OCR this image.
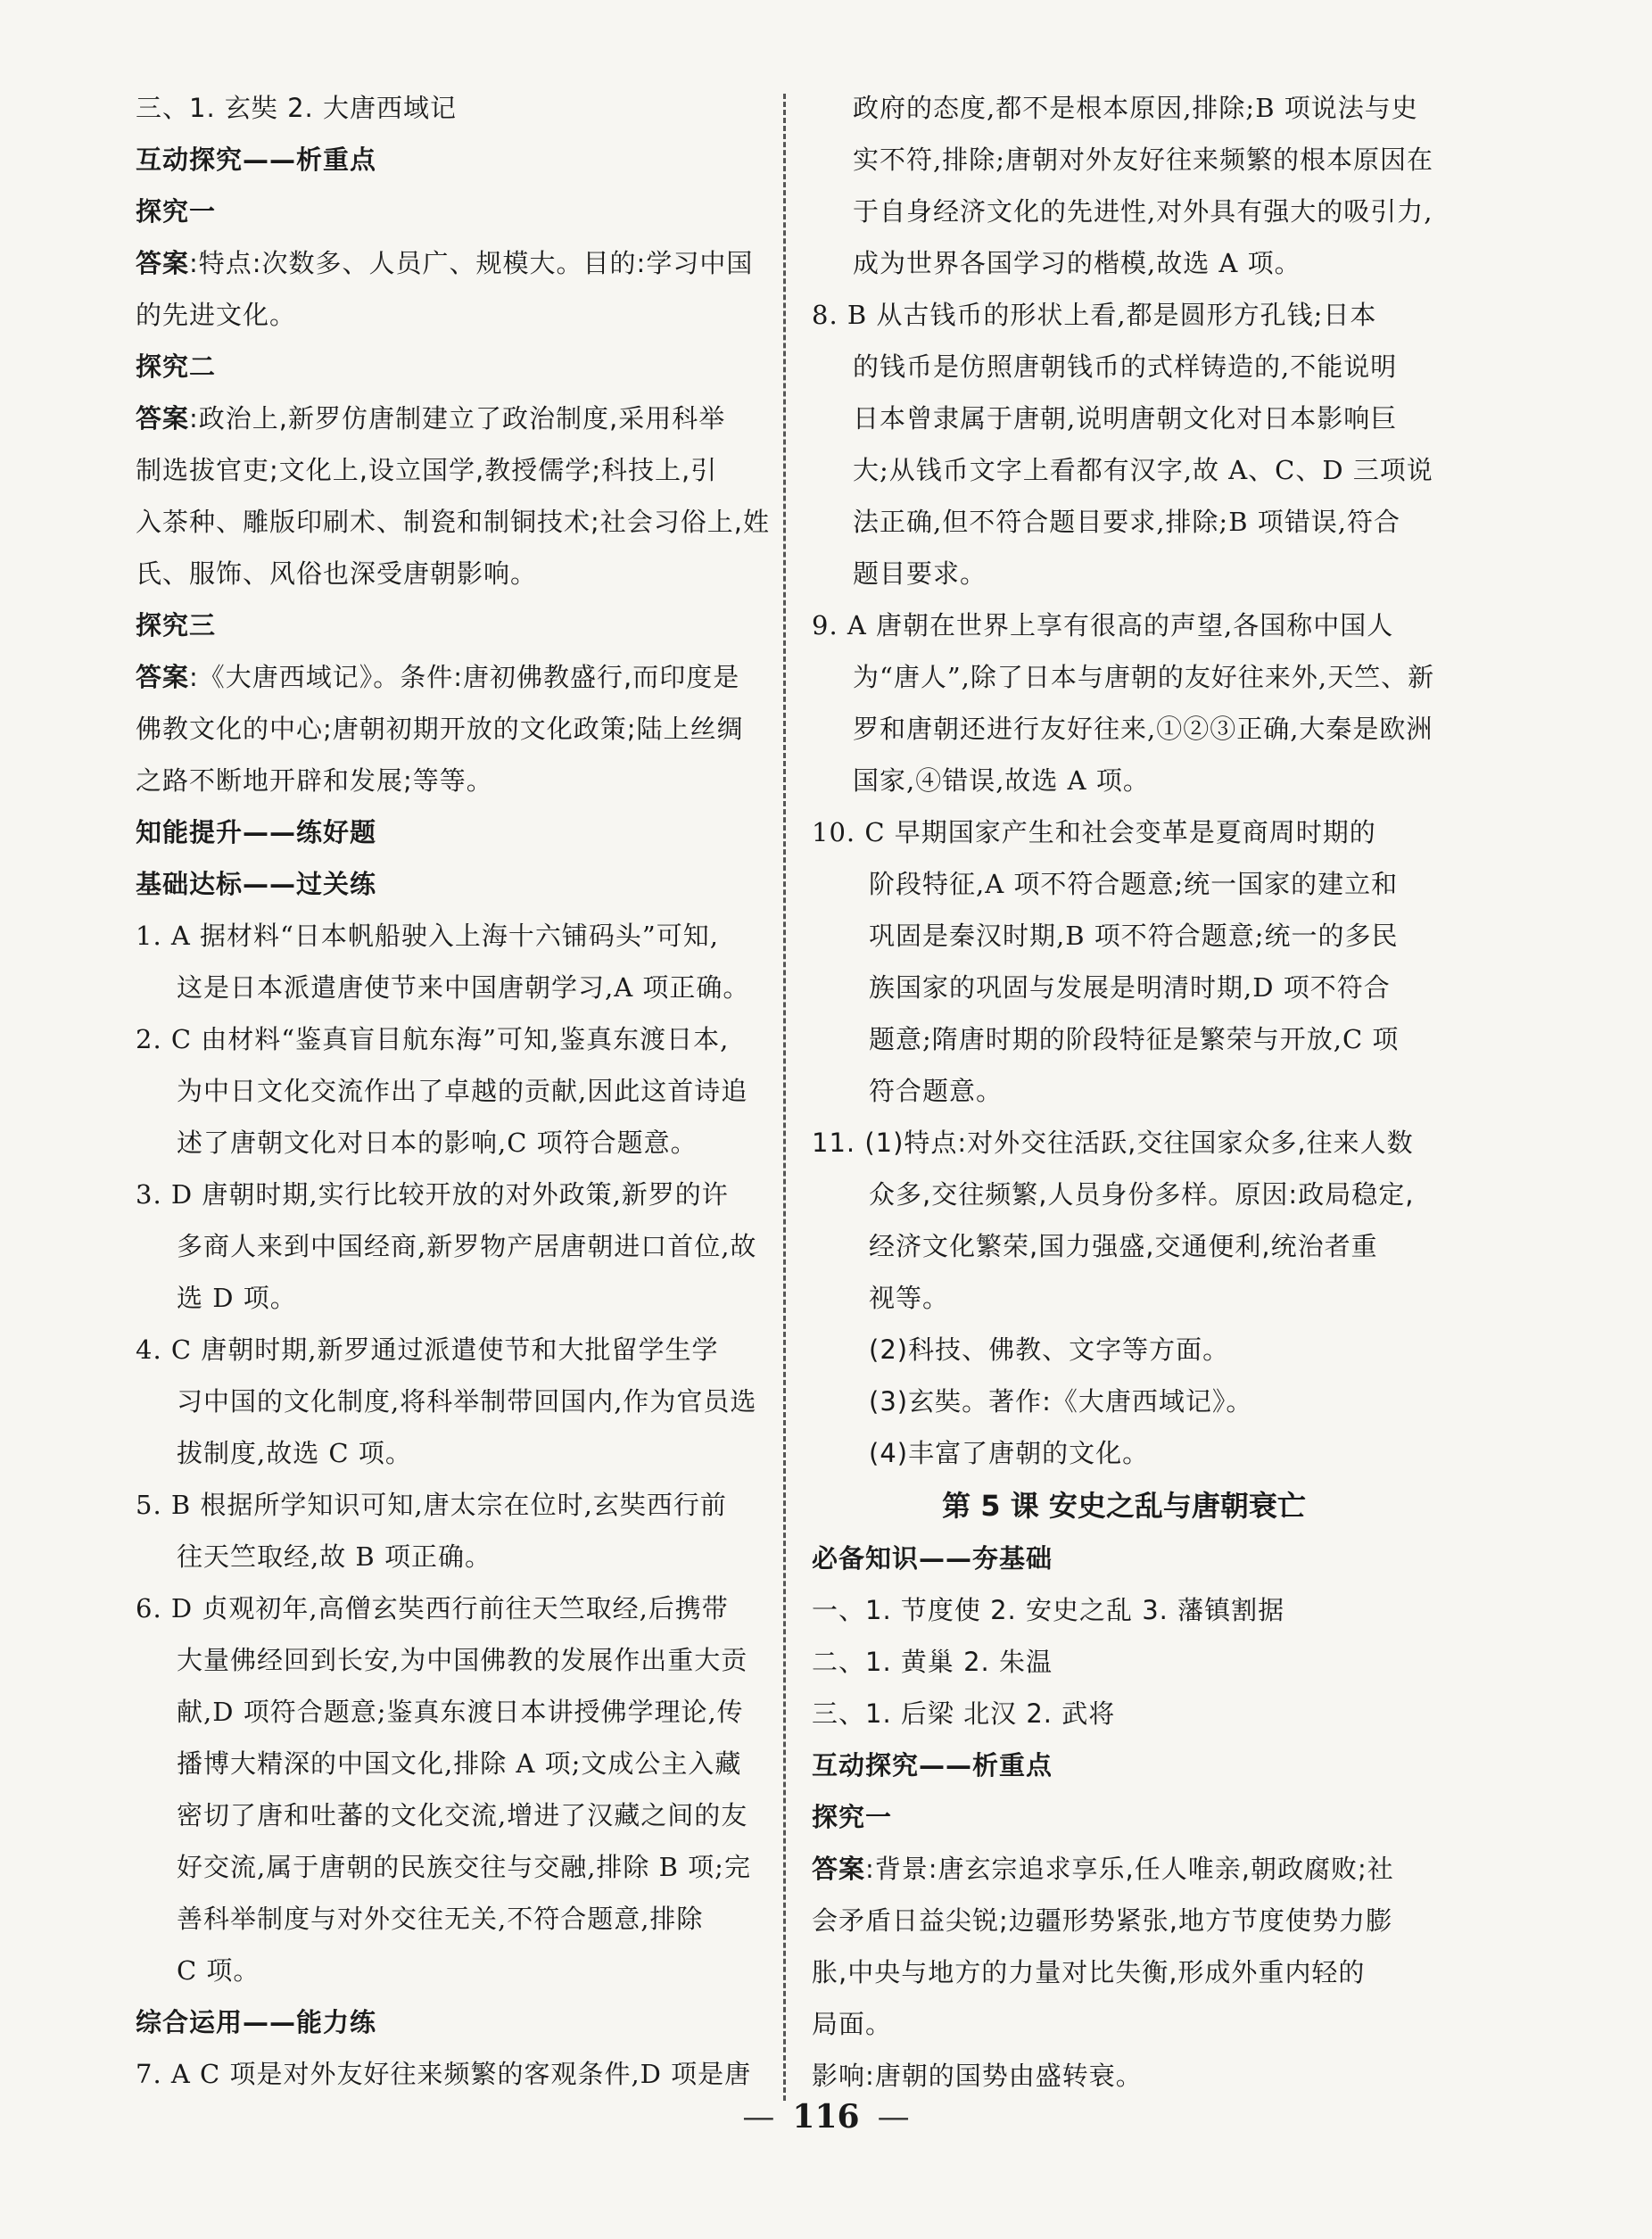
三、1. 玄奘 2. 大唐西域记
互动探究——析重点
探究一
答案:特点:次数多、人员广、规模大。目的:学习中国
的先进文化。
探究二
答案:政治上,新罗仿唐制建立了政治制度,采用科举
制选拔官吏;文化上,设立国学,教授儒学;科技上,引
入茶种、雕版印刷术、制瓷和制铜技术;社会习俗上,姓
氏、服饰、风俗也深受唐朝影响。
探究三
答案:《大唐西域记》。条件:唐初佛教盛行,而印度是
佛教文化的中心;唐朝初期开放的文化政策;陆上丝绸
之路不断地开辟和发展;等等。
知能提升——练好题
基础达标——过关练
1. A 据材料“日本帆船驶入上海十六铺码头”可知,
这是日本派遣唐使节来中国唐朝学习,A 项正确。
2. C 由材料“鉴真盲目航东海”可知,鉴真东渡日本,
为中日文化交流作出了卓越的贡献,因此这首诗追
述了唐朝文化对日本的影响,C 项符合题意。
3. D 唐朝时期,实行比较开放的对外政策,新罗的许
多商人来到中国经商,新罗物产居唐朝进口首位,故
选 D 项。
4. C 唐朝时期,新罗通过派遣使节和大批留学生学
习中国的文化制度,将科举制带回国内,作为官员选
拔制度,故选 C 项。
5. B 根据所学知识可知,唐太宗在位时,玄奘西行前
往天竺取经,故 B 项正确。
6. D 贞观初年,高僧玄奘西行前往天竺取经,后携带
大量佛经回到长安,为中国佛教的发展作出重大贡
献,D 项符合题意;鉴真东渡日本讲授佛学理论,传
播博大精深的中国文化,排除 A 项;文成公主入藏
密切了唐和吐蕃的文化交流,增进了汉藏之间的友
好交流,属于唐朝的民族交往与交融,排除 B 项;完
善科举制度与对外交往无关,不符合题意,排除
C 项。
综合运用——能力练
7. A C 项是对外友好往来频繁的客观条件,D 项是唐
政府的态度,都不是根本原因,排除;B 项说法与史
实不符,排除;唐朝对外友好往来频繁的根本原因在
于自身经济文化的先进性,对外具有强大的吸引力,
成为世界各国学习的楷模,故选 A 项。
8. B 从古钱币的形状上看,都是圆形方孔钱;日本
的钱币是仿照唐朝钱币的式样铸造的,不能说明
日本曾隶属于唐朝,说明唐朝文化对日本影响巨
大;从钱币文字上看都有汉字,故 A、C、D 三项说
法正确,但不符合题目要求,排除;B 项错误,符合
题目要求。
9. A 唐朝在世界上享有很高的声望,各国称中国人
为“唐人”,除了日本与唐朝的友好往来外,天竺、新
罗和唐朝还进行友好往来,①②③正确,大秦是欧洲
国家,④错误,故选 A 项。
10. C 早期国家产生和社会变革是夏商周时期的
阶段特征,A 项不符合题意;统一国家的建立和
巩固是秦汉时期,B 项不符合题意;统一的多民
族国家的巩固与发展是明清时期,D 项不符合
题意;隋唐时期的阶段特征是繁荣与开放,C 项
符合题意。
11. (1)特点:对外交往活跃,交往国家众多,往来人数
众多,交往频繁,人员身份多样。原因:政局稳定,
经济文化繁荣,国力强盛,交通便利,统治者重
视等。
(2)科技、佛教、文字等方面。
(3)玄奘。著作:《大唐西域记》。
(4)丰富了唐朝的文化。
第 5 课 安史之乱与唐朝衰亡
必备知识——夯基础
一、1. 节度使 2. 安史之乱 3. 藩镇割据
二、1. 黄巢 2. 朱温
三、1. 后梁 北汉 2. 武将
互动探究——析重点
探究一
答案:背景:唐玄宗追求享乐,任人唯亲,朝政腐败;社
会矛盾日益尖锐;边疆形势紧张,地方节度使势力膨
胀,中央与地方的力量对比失衡,形成外重内轻的
局面。
影响:唐朝的国势由盛转衰。
— 116 —
